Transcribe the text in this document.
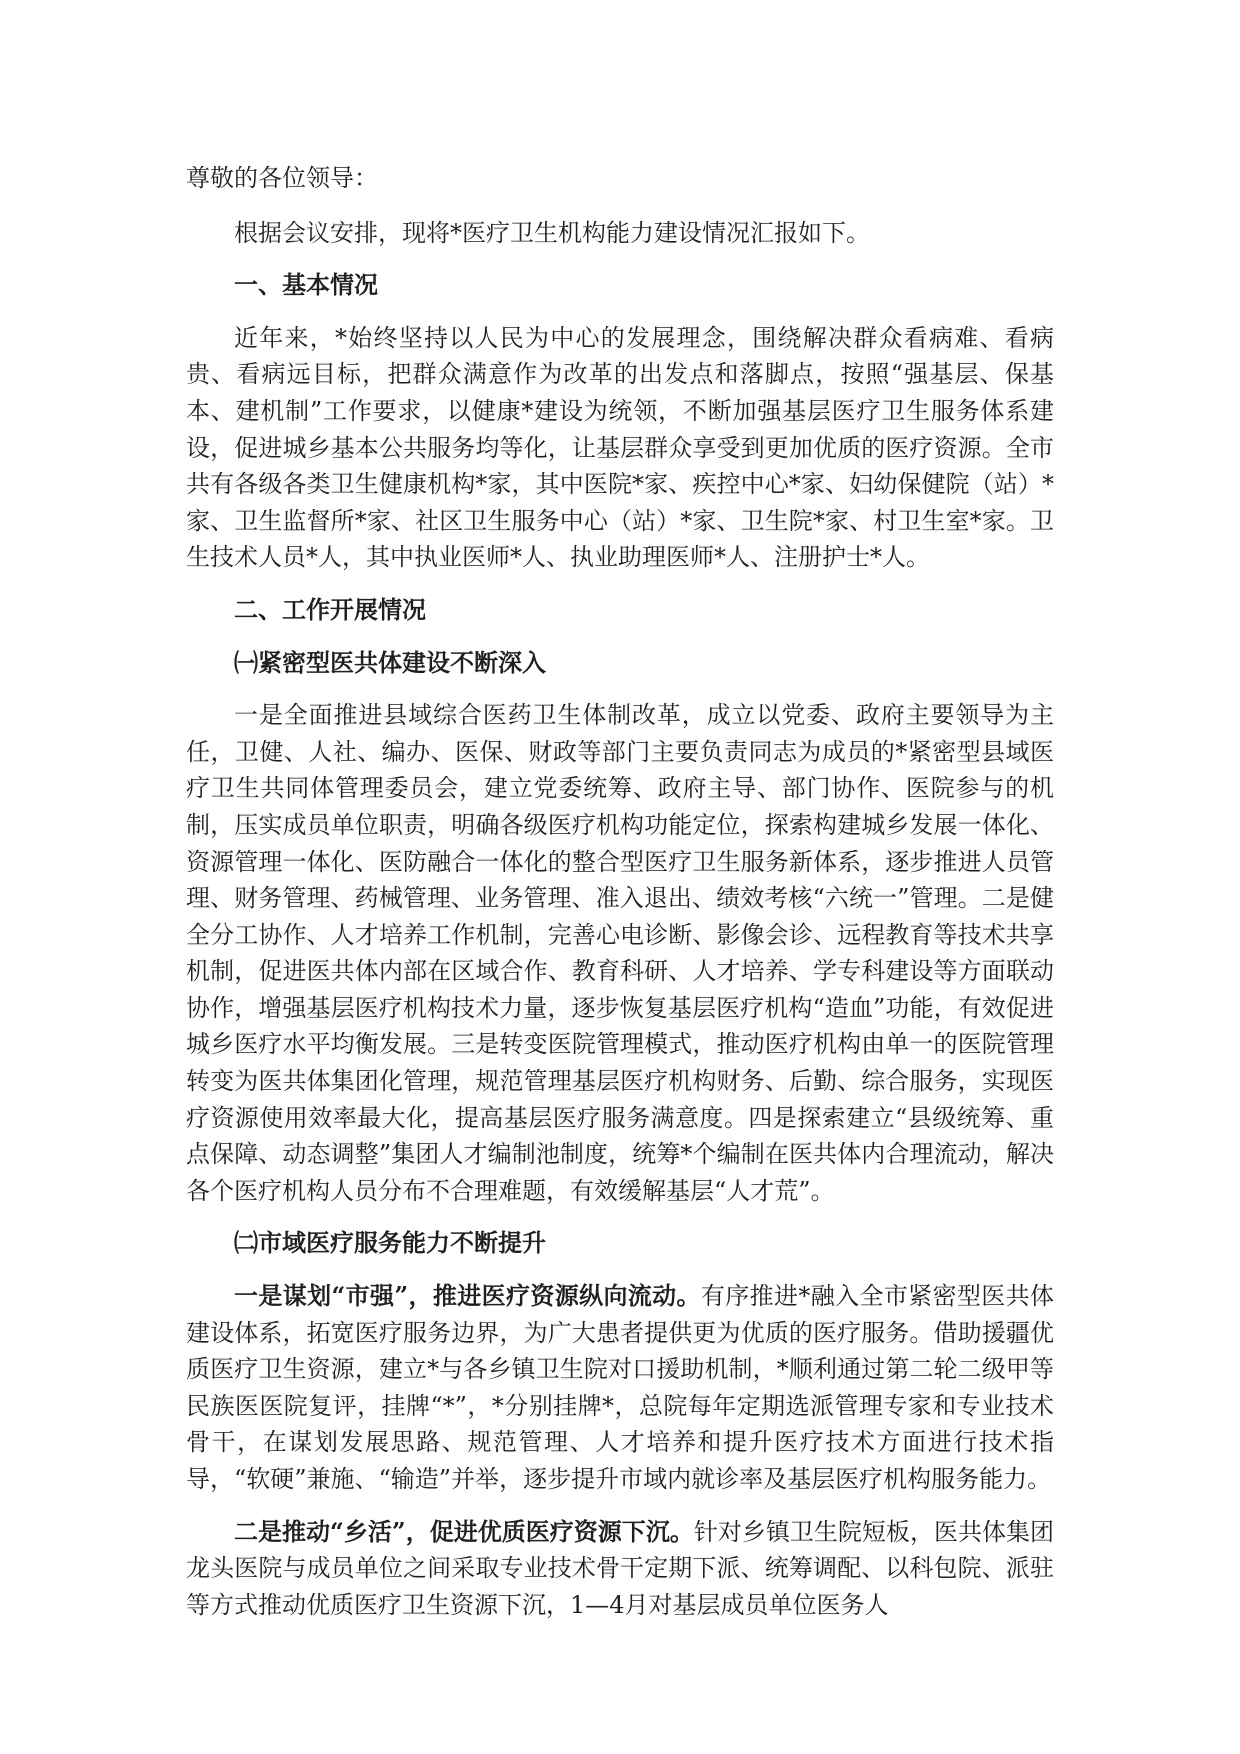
尊敬的各位领导：

根据会议安排，现将*医疗卫生机构能力建设情况汇报如下。

一、基本情况

近年来，*始终坚持以人民为中心的发展理念，围绕解决群众看病难、看病贵、看病远目标，把群众满意作为改革的出发点和落脚点，按照“强基层、保基本、建机制”工作要求，以健康*建设为统领，不断加强基层医疗卫生服务体系建设，促进城乡基本公共服务均等化，让基层群众享受到更加优质的医疗资源。全市共有各级各类卫生健康机构*家，其中医院*家、疾控中心*家、妇幼保健院（站）*家、卫生监督所*家、社区卫生服务中心（站）*家、卫生院*家、村卫生室*家。卫生技术人员*人，其中执业医师*人、执业助理医师*人、注册护士*人。

二、工作开展情况

㈠紧密型医共体建设不断深入

一是全面推进县域综合医药卫生体制改革，成立以党委、政府主要领导为主任，卫健、人社、编办、医保、财政等部门主要负责同志为成员的*紧密型县域医疗卫生共同体管理委员会，建立党委统筹、政府主导、部门协作、医院参与的机制，压实成员单位职责，明确各级医疗机构功能定位，探索构建城乡发展一体化、资源管理一体化、医防融合一体化的整合型医疗卫生服务新体系，逐步推进人员管理、财务管理、药械管理、业务管理、准入退出、绩效考核“六统一”管理。二是健全分工协作、人才培养工作机制，完善心电诊断、影像会诊、远程教育等技术共享机制，促进医共体内部在区域合作、教育科研、人才培养、学专科建设等方面联动协作，增强基层医疗机构技术力量，逐步恢复基层医疗机构“造血”功能，有效促进城乡医疗水平均衡发展。三是转变医院管理模式，推动医疗机构由单一的医院管理转变为医共体集团化管理，规范管理基层医疗机构财务、后勤、综合服务，实现医疗资源使用效率最大化，提高基层医疗服务满意度。四是探索建立“县级统筹、重点保障、动态调整”集团人才编制池制度，统筹*个编制在医共体内合理流动，解决各个医疗机构人员分布不合理难题，有效缓解基层“人才荒”。

㈡市域医疗服务能力不断提升

一是谋划“市强”，推进医疗资源纵向流动。有序推进*融入全市紧密型医共体建设体系，拓宽医疗服务边界，为广大患者提供更为优质的医疗服务。借助援疆优质医疗卫生资源，建立*与各乡镇卫生院对口援助机制，*顺利通过第二轮二级甲等民族医医院复评，挂牌“*”，*分别挂牌*，总院每年定期选派管理专家和专业技术骨干，在谋划发展思路、规范管理、人才培养和提升医疗技术方面进行技术指导，“软硬”兼施、“输造”并举，逐步提升市域内就诊率及基层医疗机构服务能力。

二是推动“乡活”，促进优质医疗资源下沉。针对乡镇卫生院短板，医共体集团龙头医院与成员单位之间采取专业技术骨干定期下派、统筹调配、以科包院、派驻等方式推动优质医疗卫生资源下沉，1—4月对基层成员单位医务人
